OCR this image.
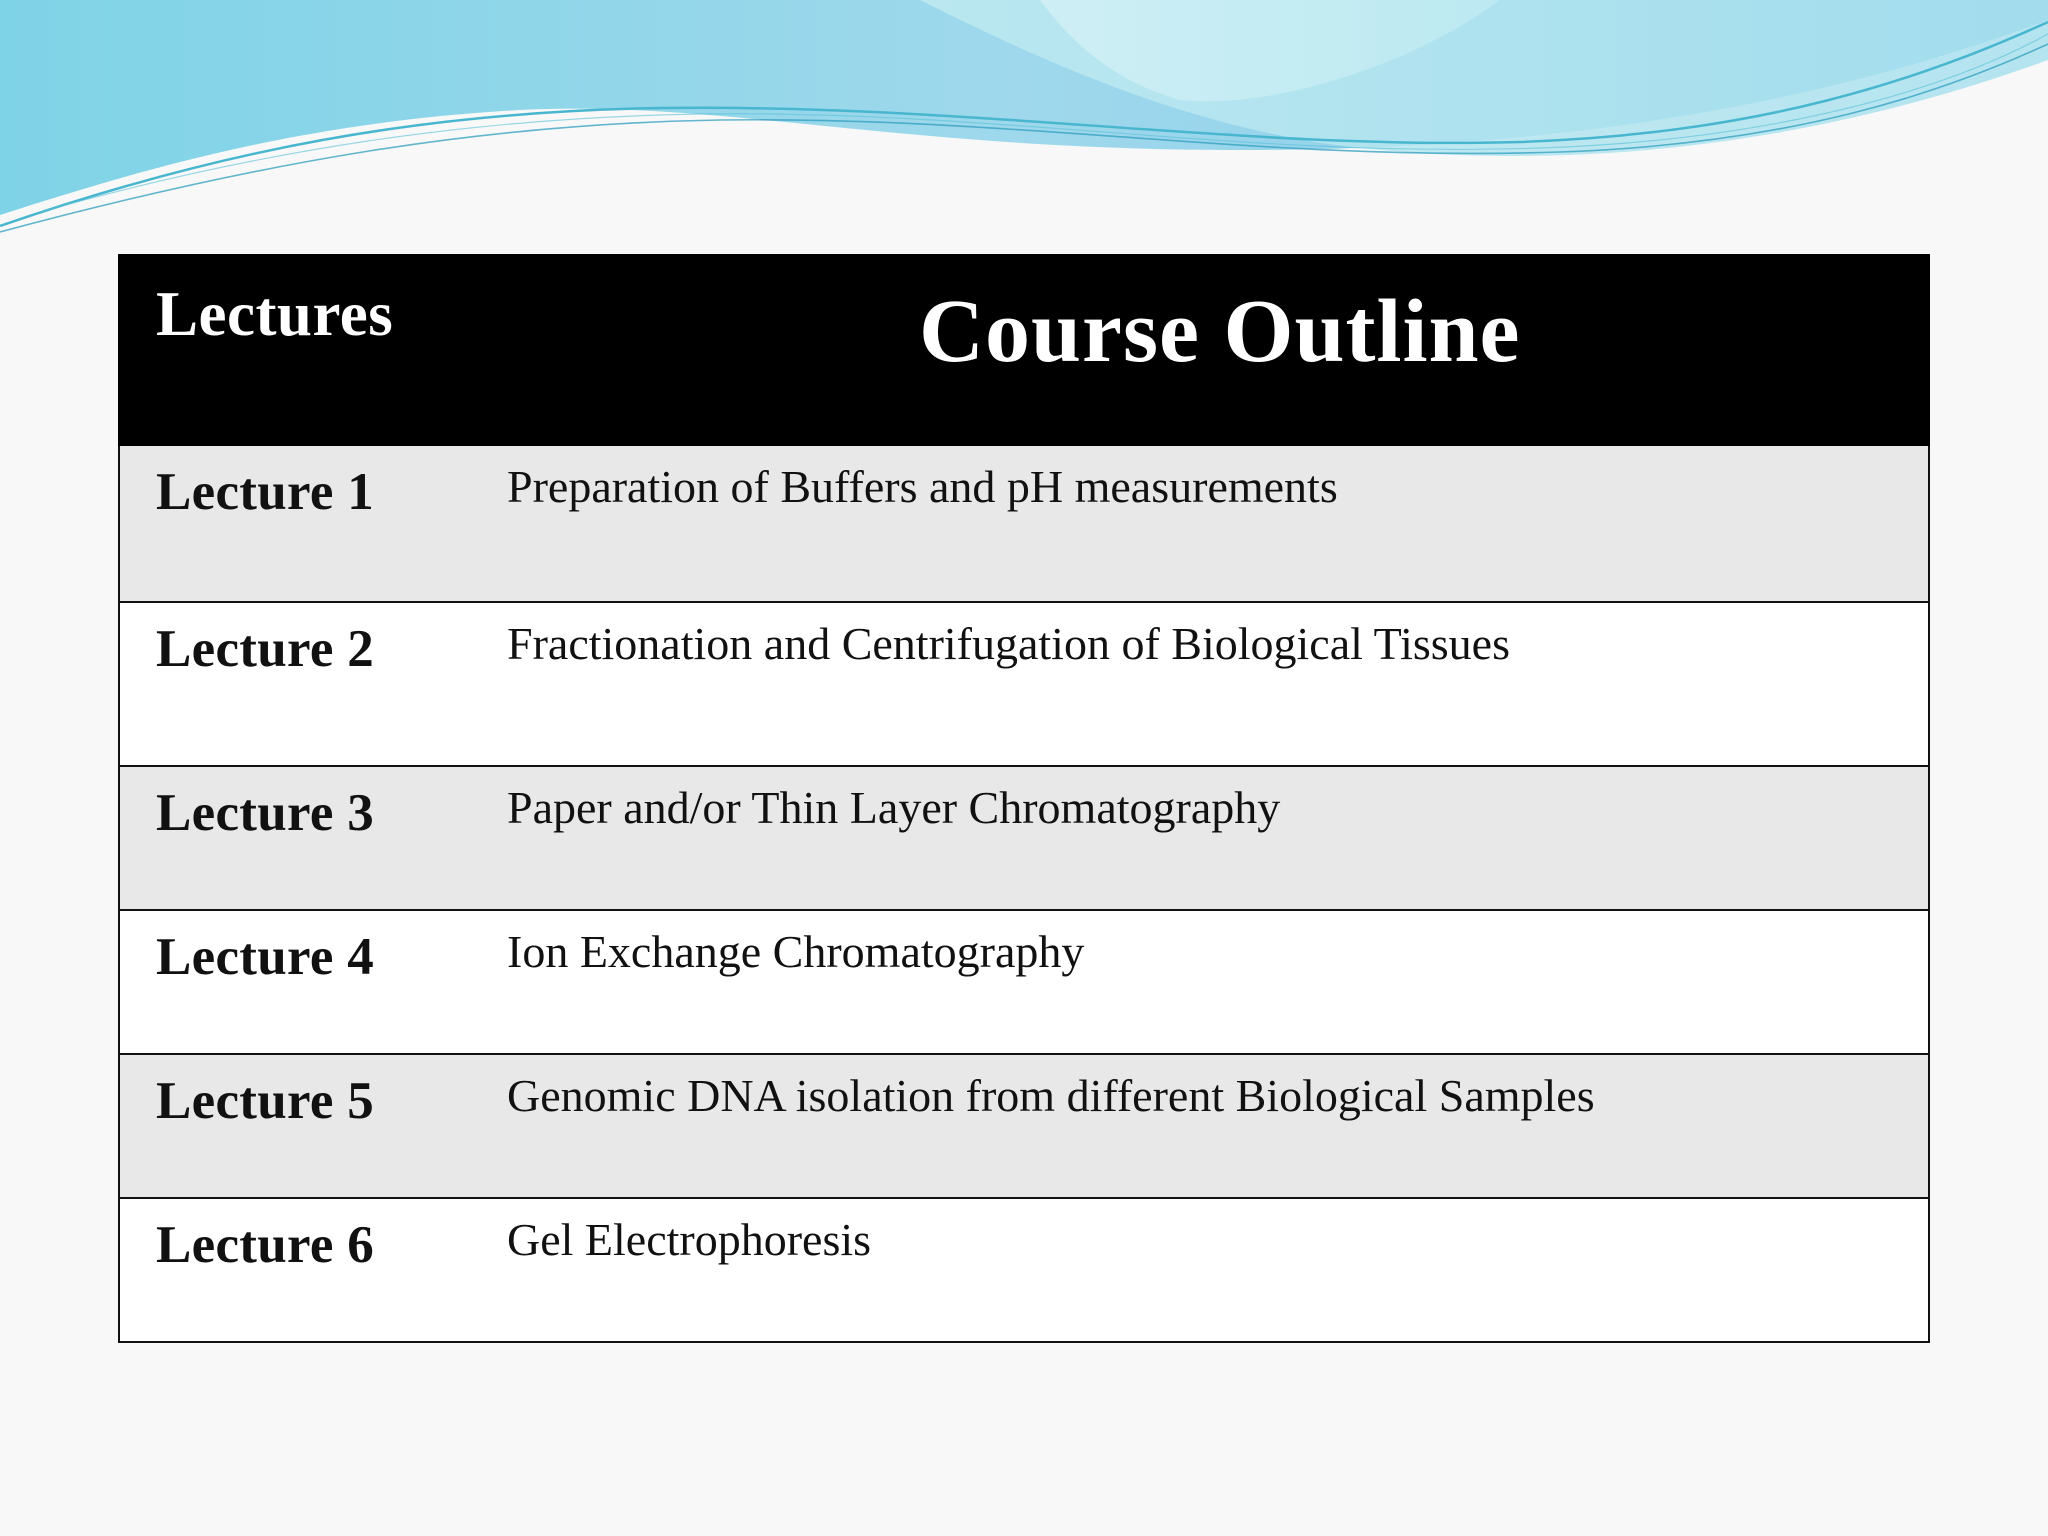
Lectures	Course Outline
Lecture 1	Preparation of Buffers and pH measurements
Lecture 2	Fractionation and Centrifugation of Biological Tissues
Lecture 3	Paper and/or Thin Layer Chromatography
Lecture 4	Ion Exchange Chromatography
Lecture 5	Genomic DNA isolation from different Biological Samples
Lecture 6	Gel Electrophoresis
